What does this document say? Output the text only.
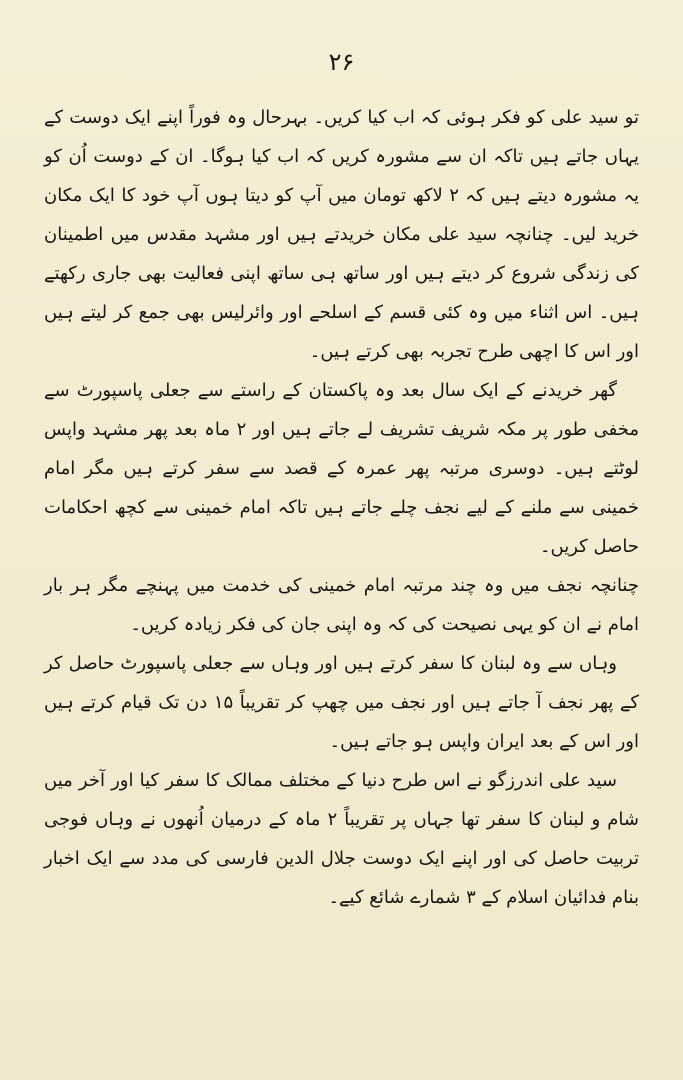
۲۶

تو سید علی کو فکر ہوئی کہ اب کیا کریں۔ بہرحال وہ فوراً اپنے ایک دوست کے یہاں جاتے ہیں تاکہ ان سے مشورہ کریں کہ اب کیا ہوگا۔ ان کے دوست اُن کو یہ مشورہ دیتے ہیں کہ ۲ لاکھ تومان میں آپ کو دیتا ہوں آپ خود کا ایک مکان خرید لیں۔ چنانچہ سید علی مکان خریدتے ہیں اور مشہد مقدس میں اطمینان کی زندگی شروع کر دیتے ہیں اور ساتھ ہی ساتھ اپنی فعالیت بھی جاری رکھتے ہیں۔ اس اثناء میں وہ کئی قسم کے اسلحے اور وائرلیس بھی جمع کر لیتے ہیں اور اس کا اچھی طرح تجربہ بھی کرتے ہیں۔

گھر خریدنے کے ایک سال بعد وہ پاکستان کے راستے سے جعلی پاسپورٹ سے مخفی طور پر مکہ شریف تشریف لے جاتے ہیں اور ۲ ماہ بعد پھر مشہد واپس لوٹتے ہیں۔ دوسری مرتبہ پھر عمرہ کے قصد سے سفر کرتے ہیں مگر امام خمینی سے ملنے کے لیے نجف چلے جاتے ہیں تاکہ امام خمینی سے کچھ احکامات حاصل کریں۔

چنانچہ نجف میں وہ چند مرتبہ امام خمینی کی خدمت میں پہنچے مگر ہر بار امام نے ان کو یہی نصیحت کی کہ وہ اپنی جان کی فکر زیادہ کریں۔

وہاں سے وہ لبنان کا سفر کرتے ہیں اور وہاں سے جعلی پاسپورٹ حاصل کر کے پھر نجف آ جاتے ہیں اور نجف میں چھپ کر تقریباً ۱۵ دن تک قیام کرتے ہیں اور اس کے بعد ایران واپس ہو جاتے ہیں۔

سید علی اندرزگو نے اس طرح دنیا کے مختلف ممالک کا سفر کیا اور آخر میں شام و لبنان کا سفر تھا جہاں پر تقریباً ۲ ماہ کے درمیان اُنھوں نے وہاں فوجی تربیت حاصل کی اور اپنے ایک دوست جلال الدین فارسی کی مدد سے ایک اخبار بنام فدائیان اسلام کے ۳ شمارے شائع کیے۔
